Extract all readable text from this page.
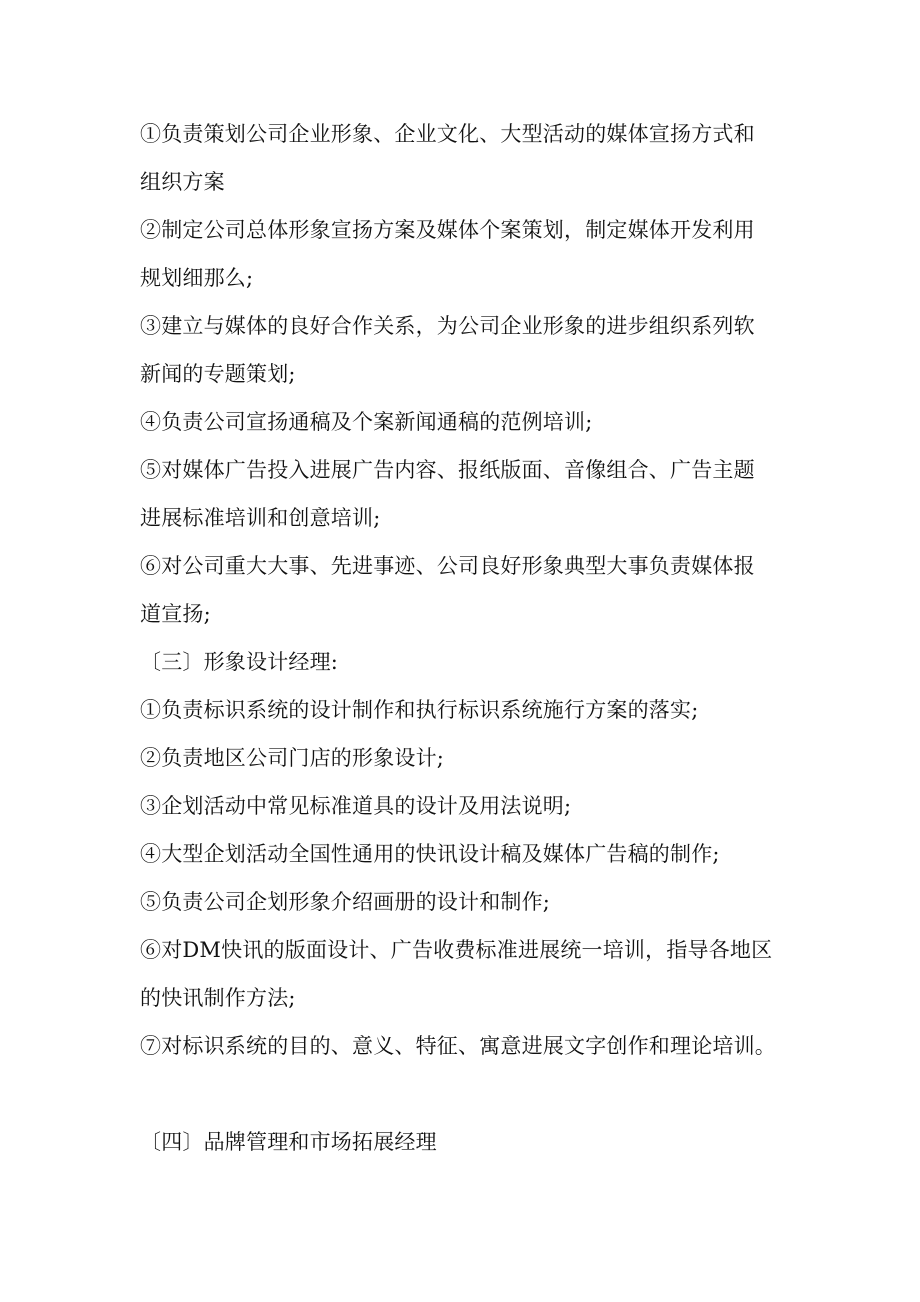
①负责策划公司企业形象、企业文化、大型活动的媒体宣扬方式和
组织方案
②制定公司总体形象宣扬方案及媒体个案策划，制定媒体开发利用
规划细那么;
③建立与媒体的良好合作关系，为公司企业形象的进步组织系列软
新闻的专题策划;
④负责公司宣扬通稿及个案新闻通稿的范例培训;
⑤对媒体广告投入进展广告内容、报纸版面、音像组合、广告主题
进展标准培训和创意培训;
⑥对公司重大大事、先进事迹、公司良好形象典型大事负责媒体报
道宣扬;
〔三〕形象设计经理:
①负责标识系统的设计制作和执行标识系统施行方案的落实;
②负责地区公司门店的形象设计;
③企划活动中常见标准道具的设计及用法说明;
④大型企划活动全国性通用的快讯设计稿及媒体广告稿的制作;
⑤负责公司企划形象介绍画册的设计和制作;
⑥对DM快讯的版面设计、广告收费标准进展统一培训，指导各地区
的快讯制作方法;
⑦对标识系统的目的、意义、特征、寓意进展文字创作和理论培训。
〔四〕品牌管理和市场拓展经理
